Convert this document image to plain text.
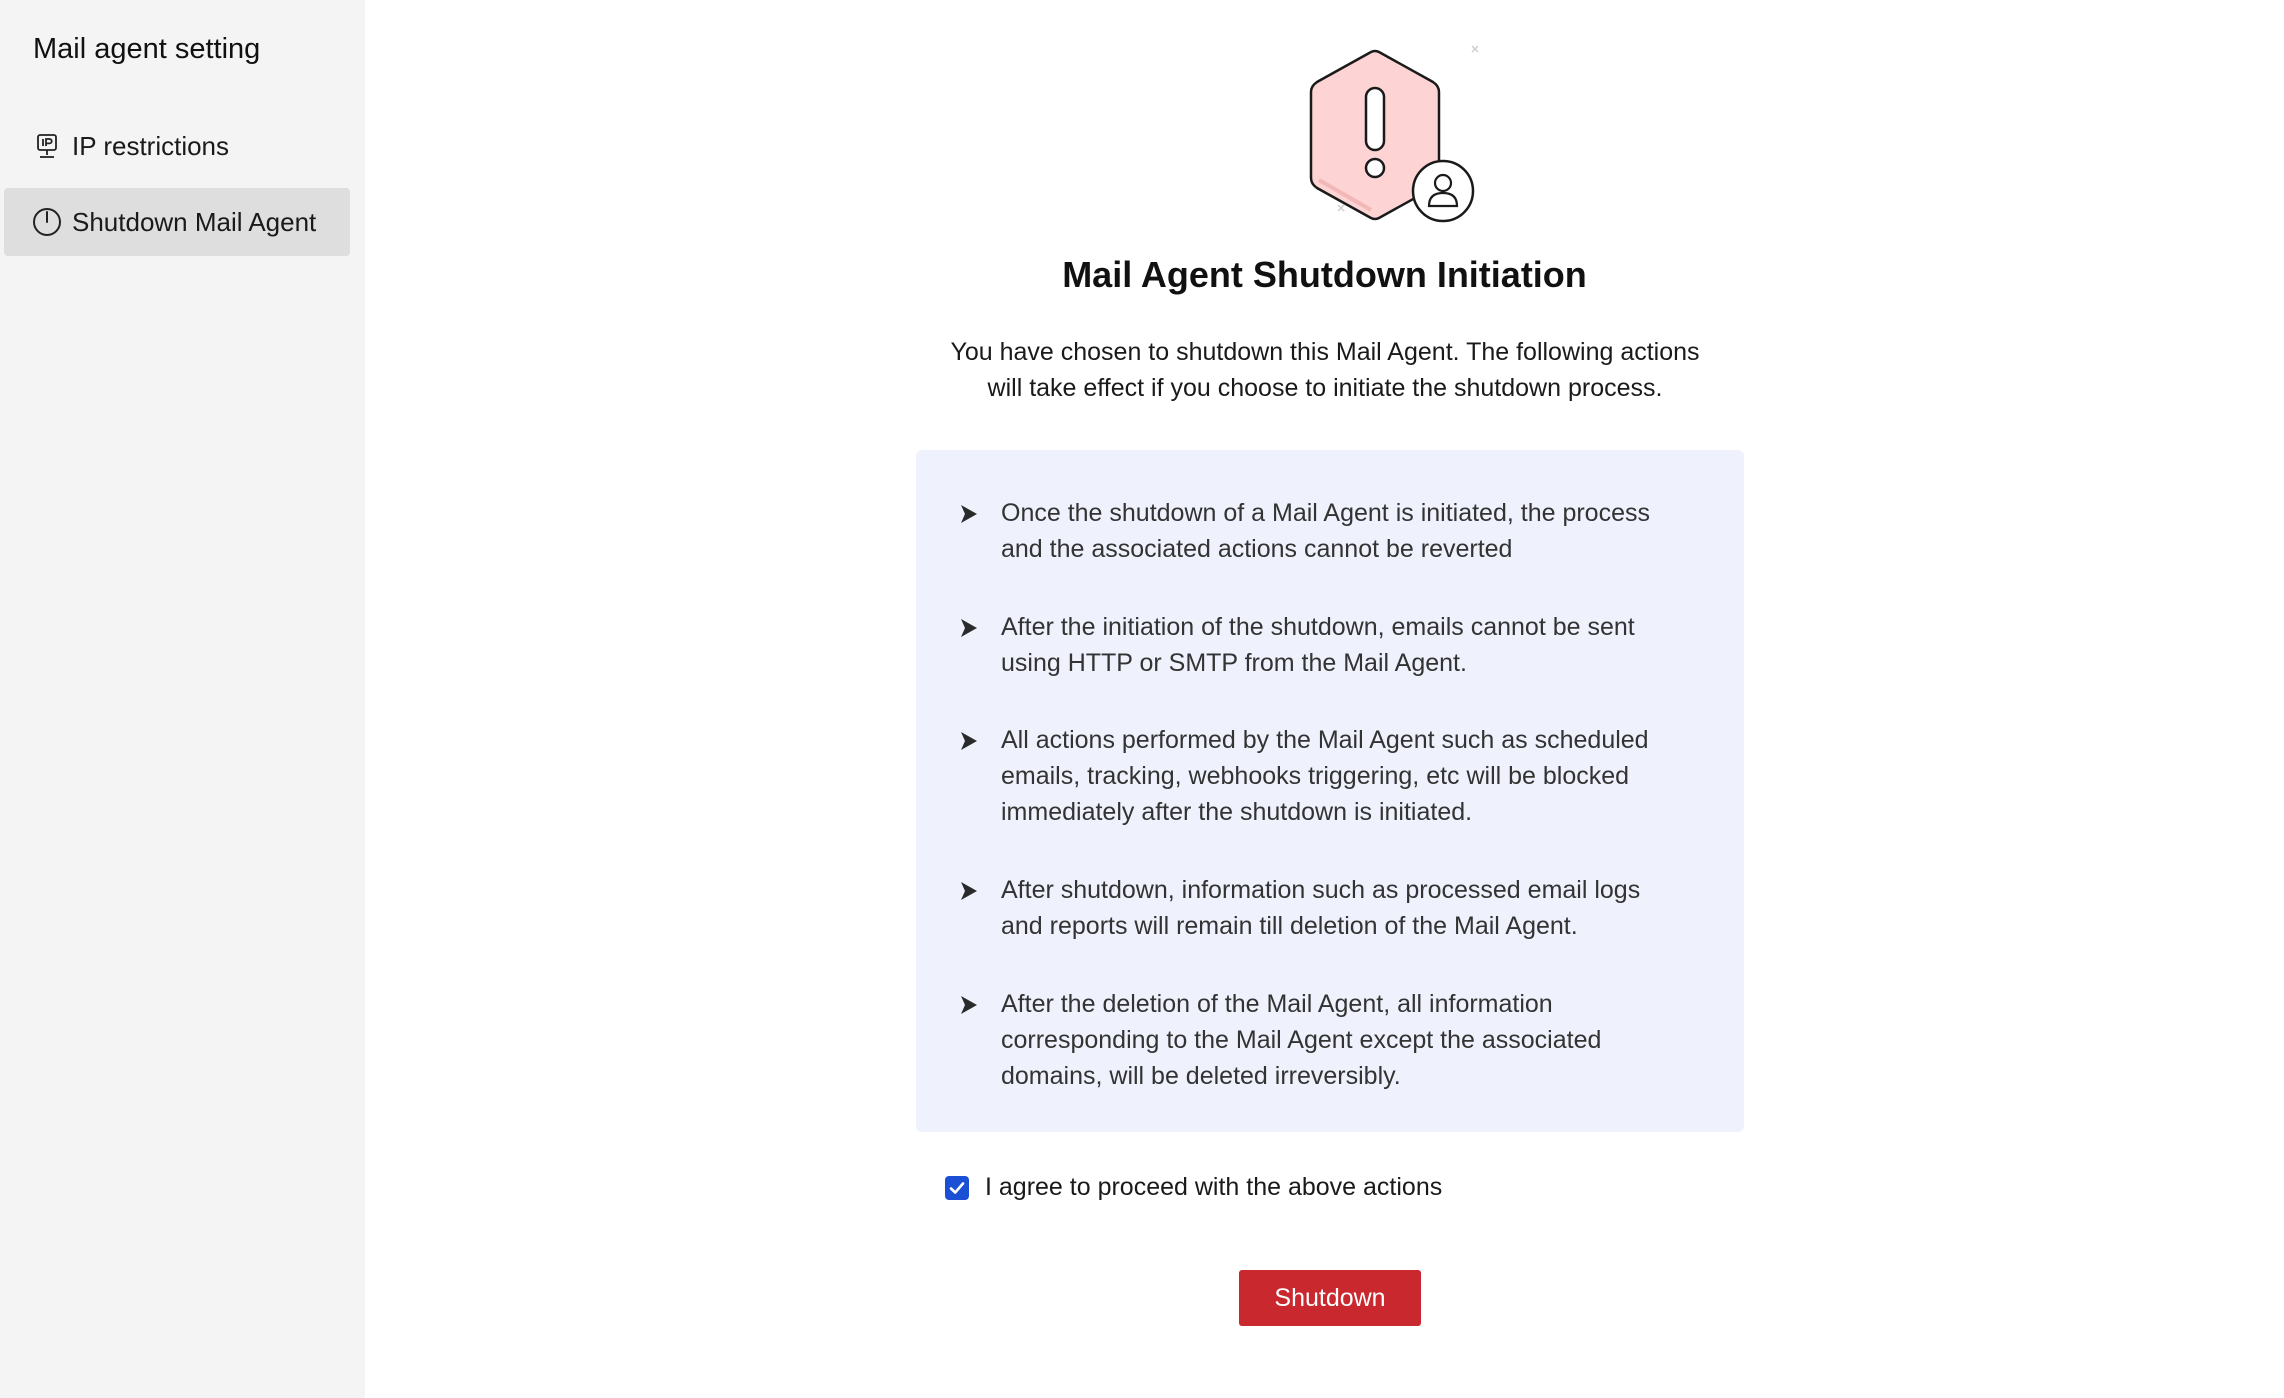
Mail agent setting
IP restrictions
Shutdown Mail Agent
Mail Agent Shutdown Initiation
You have chosen to shutdown this Mail Agent. The following actions
will take effect if you choose to initiate the shutdown process.
Once the shutdown of a Mail Agent is initiated, the process
and the associated actions cannot be reverted
After the initiation of the shutdown, emails cannot be sent
using HTTP or SMTP from the Mail Agent.
All actions performed by the Mail Agent such as scheduled
emails, tracking, webhooks triggering, etc will be blocked
immediately after the shutdown is initiated.
After shutdown, information such as processed email logs
and reports will remain till deletion of the Mail Agent.
After the deletion of the Mail Agent, all information
corresponding to the Mail Agent except the associated
domains, will be deleted irreversibly.
I agree to proceed with the above actions
Shutdown
